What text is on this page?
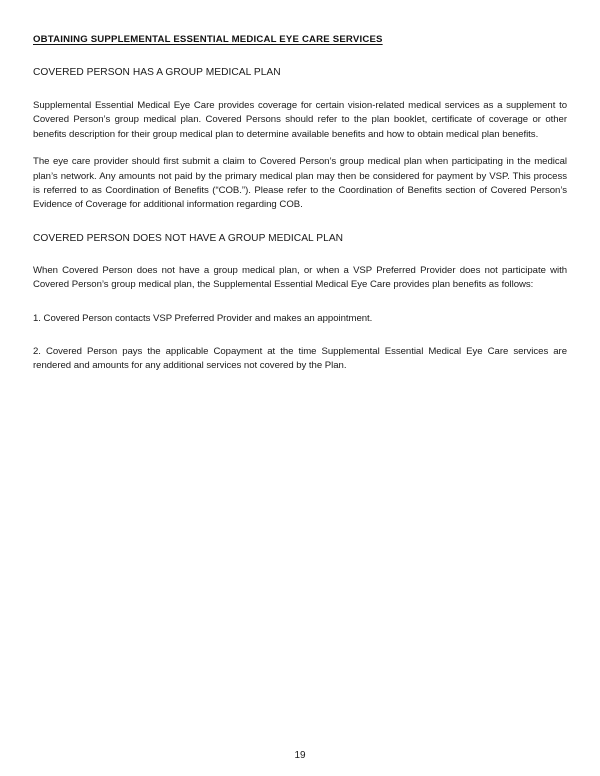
OBTAINING SUPPLEMENTAL ESSENTIAL MEDICAL EYE CARE SERVICES
COVERED PERSON HAS A GROUP MEDICAL PLAN

Supplemental Essential Medical Eye Care provides coverage for certain vision-related medical services as a supplement to Covered Person’s group medical plan. Covered Persons should refer to the plan booklet, certificate of coverage or other benefits description for their group medical plan to determine available benefits and how to obtain medical plan benefits.

The eye care provider should first submit a claim to Covered Person’s group medical plan when participating in the medical plan’s network. Any amounts not paid by the primary medical plan may then be considered for payment by VSP. This process is referred to as Coordination of Benefits (“COB.”). Please refer to the Coordination of Benefits section of Covered Person’s Evidence of Coverage for additional information regarding COB.

COVERED PERSON DOES NOT HAVE A GROUP MEDICAL PLAN

When Covered Person does not have a group medical plan, or when a VSP Preferred Provider does not participate with Covered Person’s group medical plan, the Supplemental Essential Medical Eye Care provides plan benefits as follows:

1. Covered Person contacts VSP Preferred Provider and makes an appointment.

2. Covered Person pays the applicable Copayment at the time Supplemental Essential Medical Eye Care services are rendered and amounts for any additional services not covered by the Plan.

19
